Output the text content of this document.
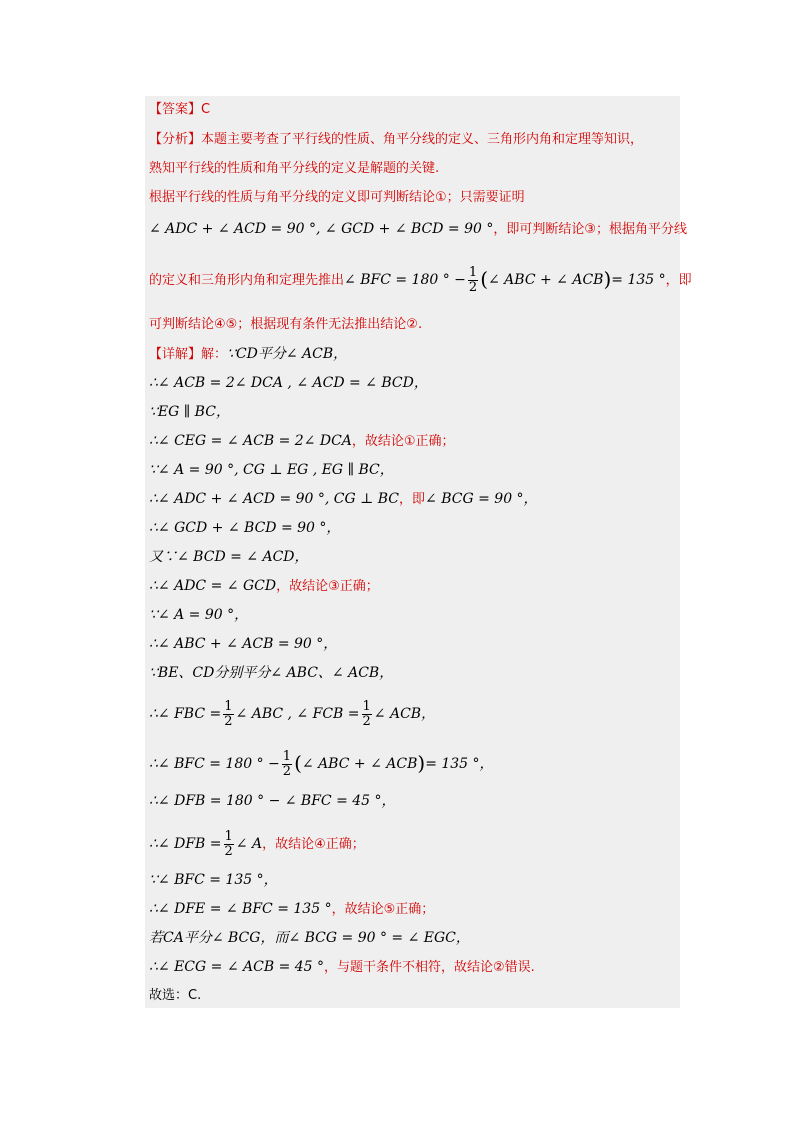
【答案】C
【分析】本题主要考查了平行线的性质、角平分线的定义、三角形内角和定理等知识，
熟知平行线的性质和角平分线的定义是解题的关键.
根据平行线的性质与角平分线的定义即可判断结论①；只需要证明
∠ ADC + ∠ ACD = 90 °, ∠ GCD + ∠ BCD = 90 °，即可判断结论③；根据角平分线
的定义和三角形内角和定理先推出∠ BFC = 180 ° − $\frac{1}{2}$ (∠ ABC + ∠ ACB)= 135 °，即
可判断结论④⑤；根据现有条件无法推出结论②.
【详解】解：∵CD平分∠ ACB，
∴∠ ACB = 2∠ DCA , ∠ ACD = ∠ BCD，
∵EG ∥ BC，
∴∠ CEG = ∠ ACB = 2∠ DCA，故结论①正确；
∵∠ A = 90 °, CG ⊥ EG , EG ∥ BC，
∴∠ ADC + ∠ ACD = 90 °, CG ⊥ BC，即∠ BCG = 90 °，
∴∠ GCD + ∠ BCD = 90 °，
又∵∠ BCD = ∠ ACD，
∴∠ ADC = ∠ GCD，故结论③正确；
∵∠ A = 90 °，
∴∠ ABC + ∠ ACB = 90 °，
∵BE、CD分别平分∠ ABC、∠ ACB，
∴∠ FBC = $\frac{1}{2}$ ∠ ABC , ∠ FCB = $\frac{1}{2}$ ∠ ACB，
∴∠ BFC = 180 ° − $\frac{1}{2}$ (∠ ABC + ∠ ACB)= 135 °，
∴∠ DFB = 180 ° − ∠ BFC = 45 °，
∴∠ DFB = $\frac{1}{2}$ ∠ A，故结论④正确；
∵∠ BFC = 135 °，
∴∠ DFE = ∠ BFC = 135 °，故结论⑤正确；
若CA平分∠ BCG，而∠ BCG = 90 ° = ∠ EGC，
∴∠ ECG = ∠ ACB = 45 °，与题干条件不相符，故结论②错误.
故选：C.
